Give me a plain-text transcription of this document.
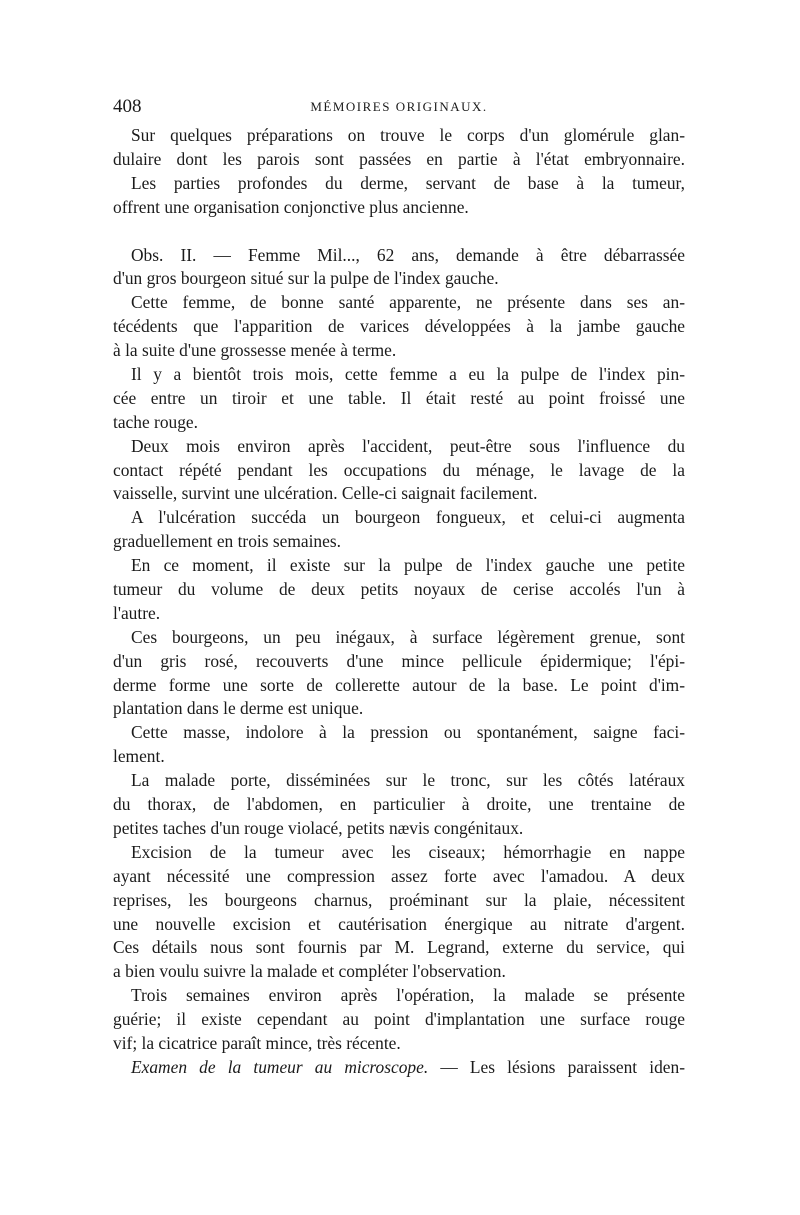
408	MÉMOIRES ORIGINAUX.
Sur quelques préparations on trouve le corps d'un glomérule glan-
dulaire dont les parois sont passées en partie à l'état embryonnaire.
Les parties profondes du derme, servant de base à la tumeur,
offrent une organisation conjonctive plus ancienne.
Obs. II. — Femme Mil..., 62 ans, demande à être débarrassée
d'un gros bourgeon situé sur la pulpe de l'index gauche.
Cette femme, de bonne santé apparente, ne présente dans ses an-
técédents que l'apparition de varices développées à la jambe gauche
à la suite d'une grossesse menée à terme.
Il y a bientôt trois mois, cette femme a eu la pulpe de l'index pin-
cée entre un tiroir et une table. Il était resté au point froissé une
tache rouge.
Deux mois environ après l'accident, peut-être sous l'influence du
contact répété pendant les occupations du ménage, le lavage de la
vaisselle, survint une ulcération. Celle-ci saignait facilement.
A l'ulcération succéda un bourgeon fongueux, et celui-ci augmenta
graduellement en trois semaines.
En ce moment, il existe sur la pulpe de l'index gauche une petite
tumeur du volume de deux petits noyaux de cerise accolés l'un à
l'autre.
Ces bourgeons, un peu inégaux, à surface légèrement grenue, sont
d'un gris rosé, recouverts d'une mince pellicule épidermique; l'épi-
derme forme une sorte de collerette autour de la base. Le point d'im-
plantation dans le derme est unique.
Cette masse, indolore à la pression ou spontanément, saigne faci-
lement.
La malade porte, disséminées sur le tronc, sur les côtés latéraux
du thorax, de l'abdomen, en particulier à droite, une trentaine de
petites taches d'un rouge violacé, petits nævis congénitaux.
Excision de la tumeur avec les ciseaux; hémorrhagie en nappe
ayant nécessité une compression assez forte avec l'amadou. A deux
reprises, les bourgeons charnus, proéminant sur la plaie, nécessitent
une nouvelle excision et cautérisation énergique au nitrate d'argent.
Ces détails nous sont fournis par M. Legrand, externe du service, qui
a bien voulu suivre la malade et compléter l'observation.
Trois semaines environ après l'opération, la malade se présente
guérie; il existe cependant au point d'implantation une surface rouge
vif; la cicatrice paraît mince, très récente.
Examen de la tumeur au microscope. — Les lésions paraissent iden-
